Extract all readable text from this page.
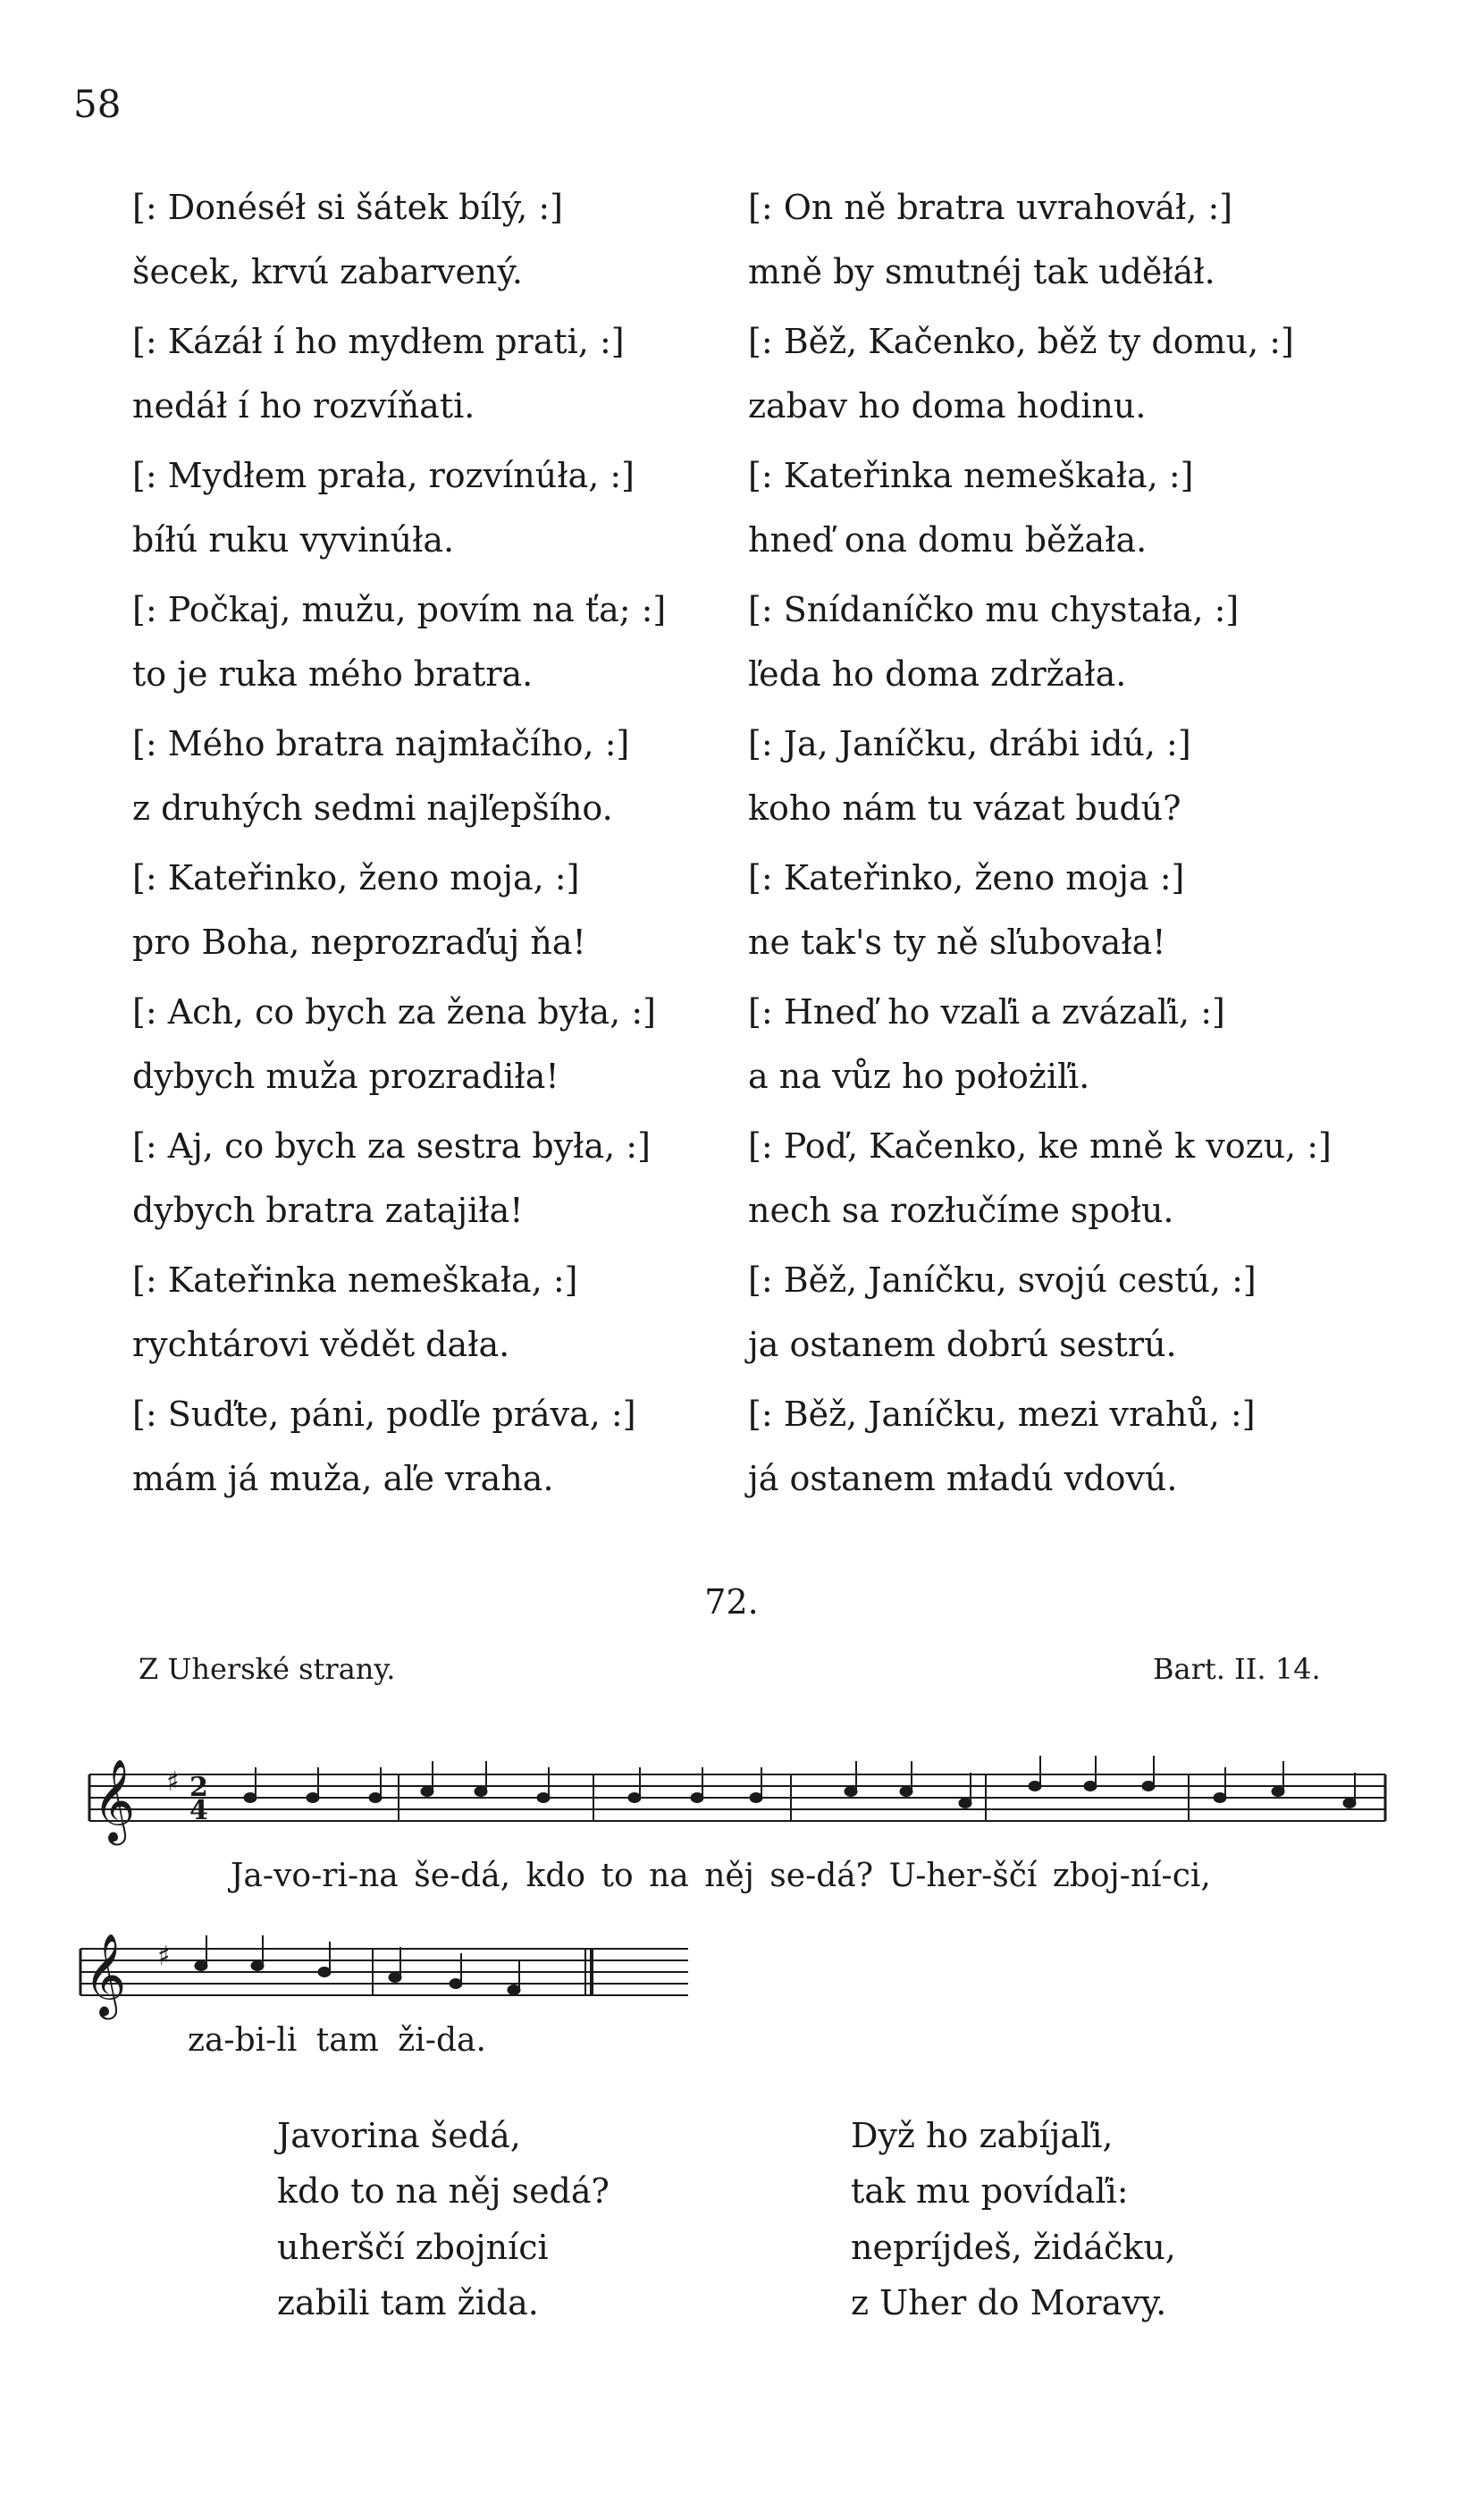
58
[: Donéséł si šátek bílý, :]
šecek, krvú zabarvený.
[: Kázáł í ho mydłem prati, :]
nedáł í ho rozvíňati.
[: Mydłem prała, rozvínúła, :]
bíłú ruku vyvinúła.
[: Počkaj, mužu, povím na ťa; :]
to je ruka mého bratra.
[: Mého bratra najmłačího, :]
z druhých sedmi najľepšího.
[: Kateřinko, ženo moja, :]
pro Boha, neprozraďuj ňa!
[: Ach, co bych za žena była, :]
dybych muža prozradiła!
[: Aj, co bych za sestra była, :]
dybych bratra zatajiła!
[: Kateřinka nemeškała, :]
rychtárovi vědět dała.
[: Suďte, páni, podľe práva, :]
mám já muža, aľe vraha.
[: On ně bratra uvrahováł, :]
mně by smutnéj tak uděłáł.
[: Běž, Kačenko, běž ty domu, :]
zabav ho doma hodinu.
[: Kateřinka nemeškała, :]
hneď ona domu běžała.
[: Snídaníčko mu chystała, :]
ľeda ho doma zdržała.
[: Ja, Janíčku, drábi idú, :]
koho nám tu vázat budú?
[: Kateřinko, ženo moja :]
ne tak's ty ně sľubovała!
[: Hneď ho vzaľi a zvázaľi, :]
a na vůz ho położiľi.
[: Poď, Kačenko, ke mně k vozu, :]
nech sa rozłučíme społu.
[: Běž, Janíčku, svojú cestú, :]
ja ostanem dobrú sestrú.
[: Běž, Janíčku, mezi vrahů, :]
já ostanem mładú vdovú.
72.
Z Uherské strany.	Bart. II. 14.
𝄞 ♯ 2
4
Ja-vo-ri-na še-dá, kdo to na něj se-dá? U-her-ščí zboj-ní-ci,
𝄞 ♯
za-bi-li tam ži-da.
Javorina šedá,
kdo to na něj sedá?
uherščí zbojníci
zabili tam žida.
Dyž ho zabíjaľi,
tak mu povídaľi:
nepríjdeš, židáčku,
z Uher do Moravy.
